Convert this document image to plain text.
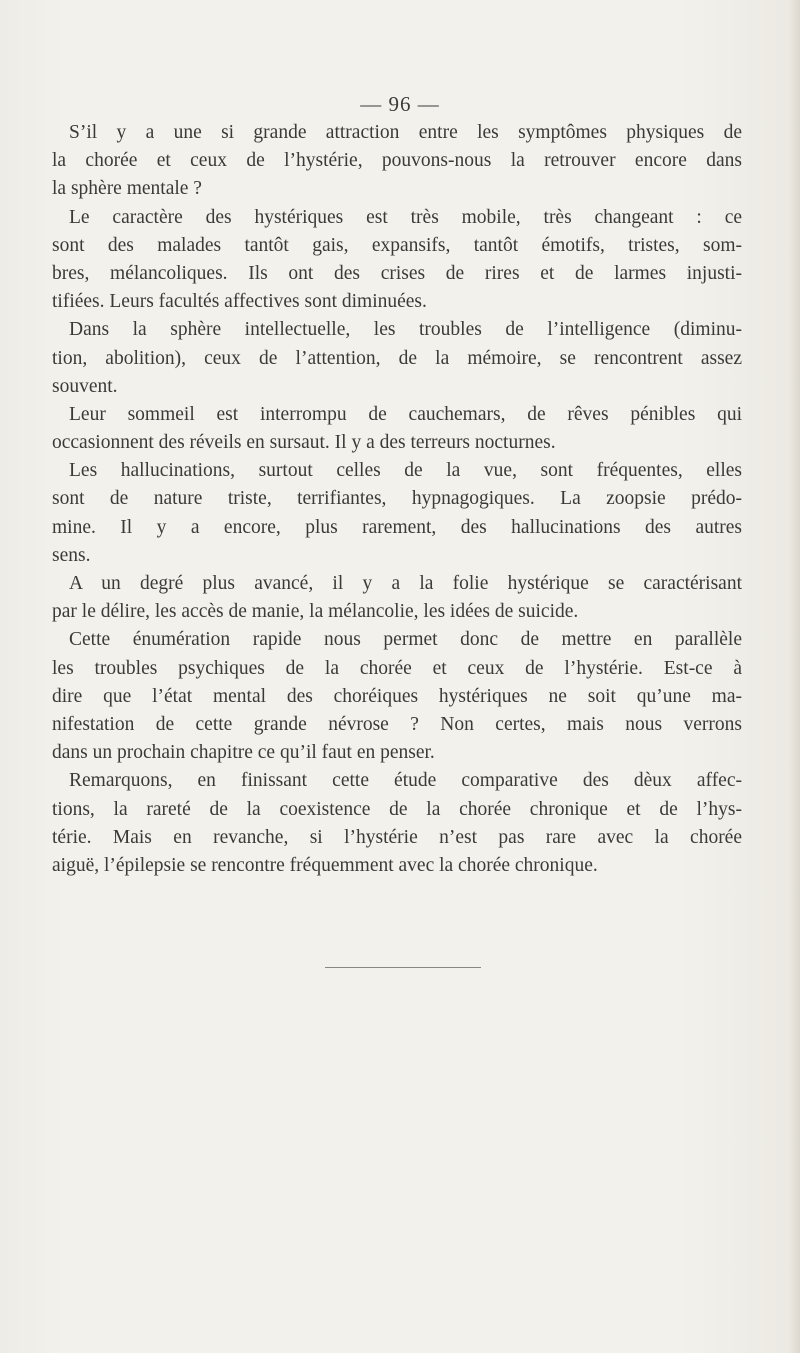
— 96 —
S’il y a une si grande attraction entre les symptômes physiques de
la chorée et ceux de l’hystérie, pouvons-nous la retrouver encore dans
la sphère mentale ?
Le caractère des hystériques est très mobile, très changeant : ce
sont des malades tantôt gais, expansifs, tantôt émotifs, tristes, som-
bres, mélancoliques. Ils ont des crises de rires et de larmes injusti-
tifiées. Leurs facultés affectives sont diminuées.
Dans la sphère intellectuelle, les troubles de l’intelligence (diminu-
tion, abolition), ceux de l’attention, de la mémoire, se rencontrent assez
souvent.
Leur sommeil est interrompu de cauchemars, de rêves pénibles qui
occasionnent des réveils en sursaut. Il y a des terreurs nocturnes.
Les hallucinations, surtout celles de la vue, sont fréquentes, elles
sont de nature triste, terrifiantes, hypnagogiques. La zoopsie prédo-
mine. Il y a encore, plus rarement, des hallucinations des autres
sens.
A un degré plus avancé, il y a la folie hystérique se caractérisant
par le délire, les accès de manie, la mélancolie, les idées de suicide.
Cette énumération rapide nous permet donc de mettre en parallèle
les troubles psychiques de la chorée et ceux de l’hystérie. Est-ce à
dire que l’état mental des choréiques hystériques ne soit qu’une ma-
nifestation de cette grande névrose ? Non certes, mais nous verrons
dans un prochain chapitre ce qu’il faut en penser.
Remarquons, en finissant cette étude comparative des dèux affec-
tions, la rareté de la coexistence de la chorée chronique et de l’hys-
térie. Mais en revanche, si l’hystérie n’est pas rare avec la chorée
aiguë, l’épilepsie se rencontre fréquemment avec la chorée chronique.
